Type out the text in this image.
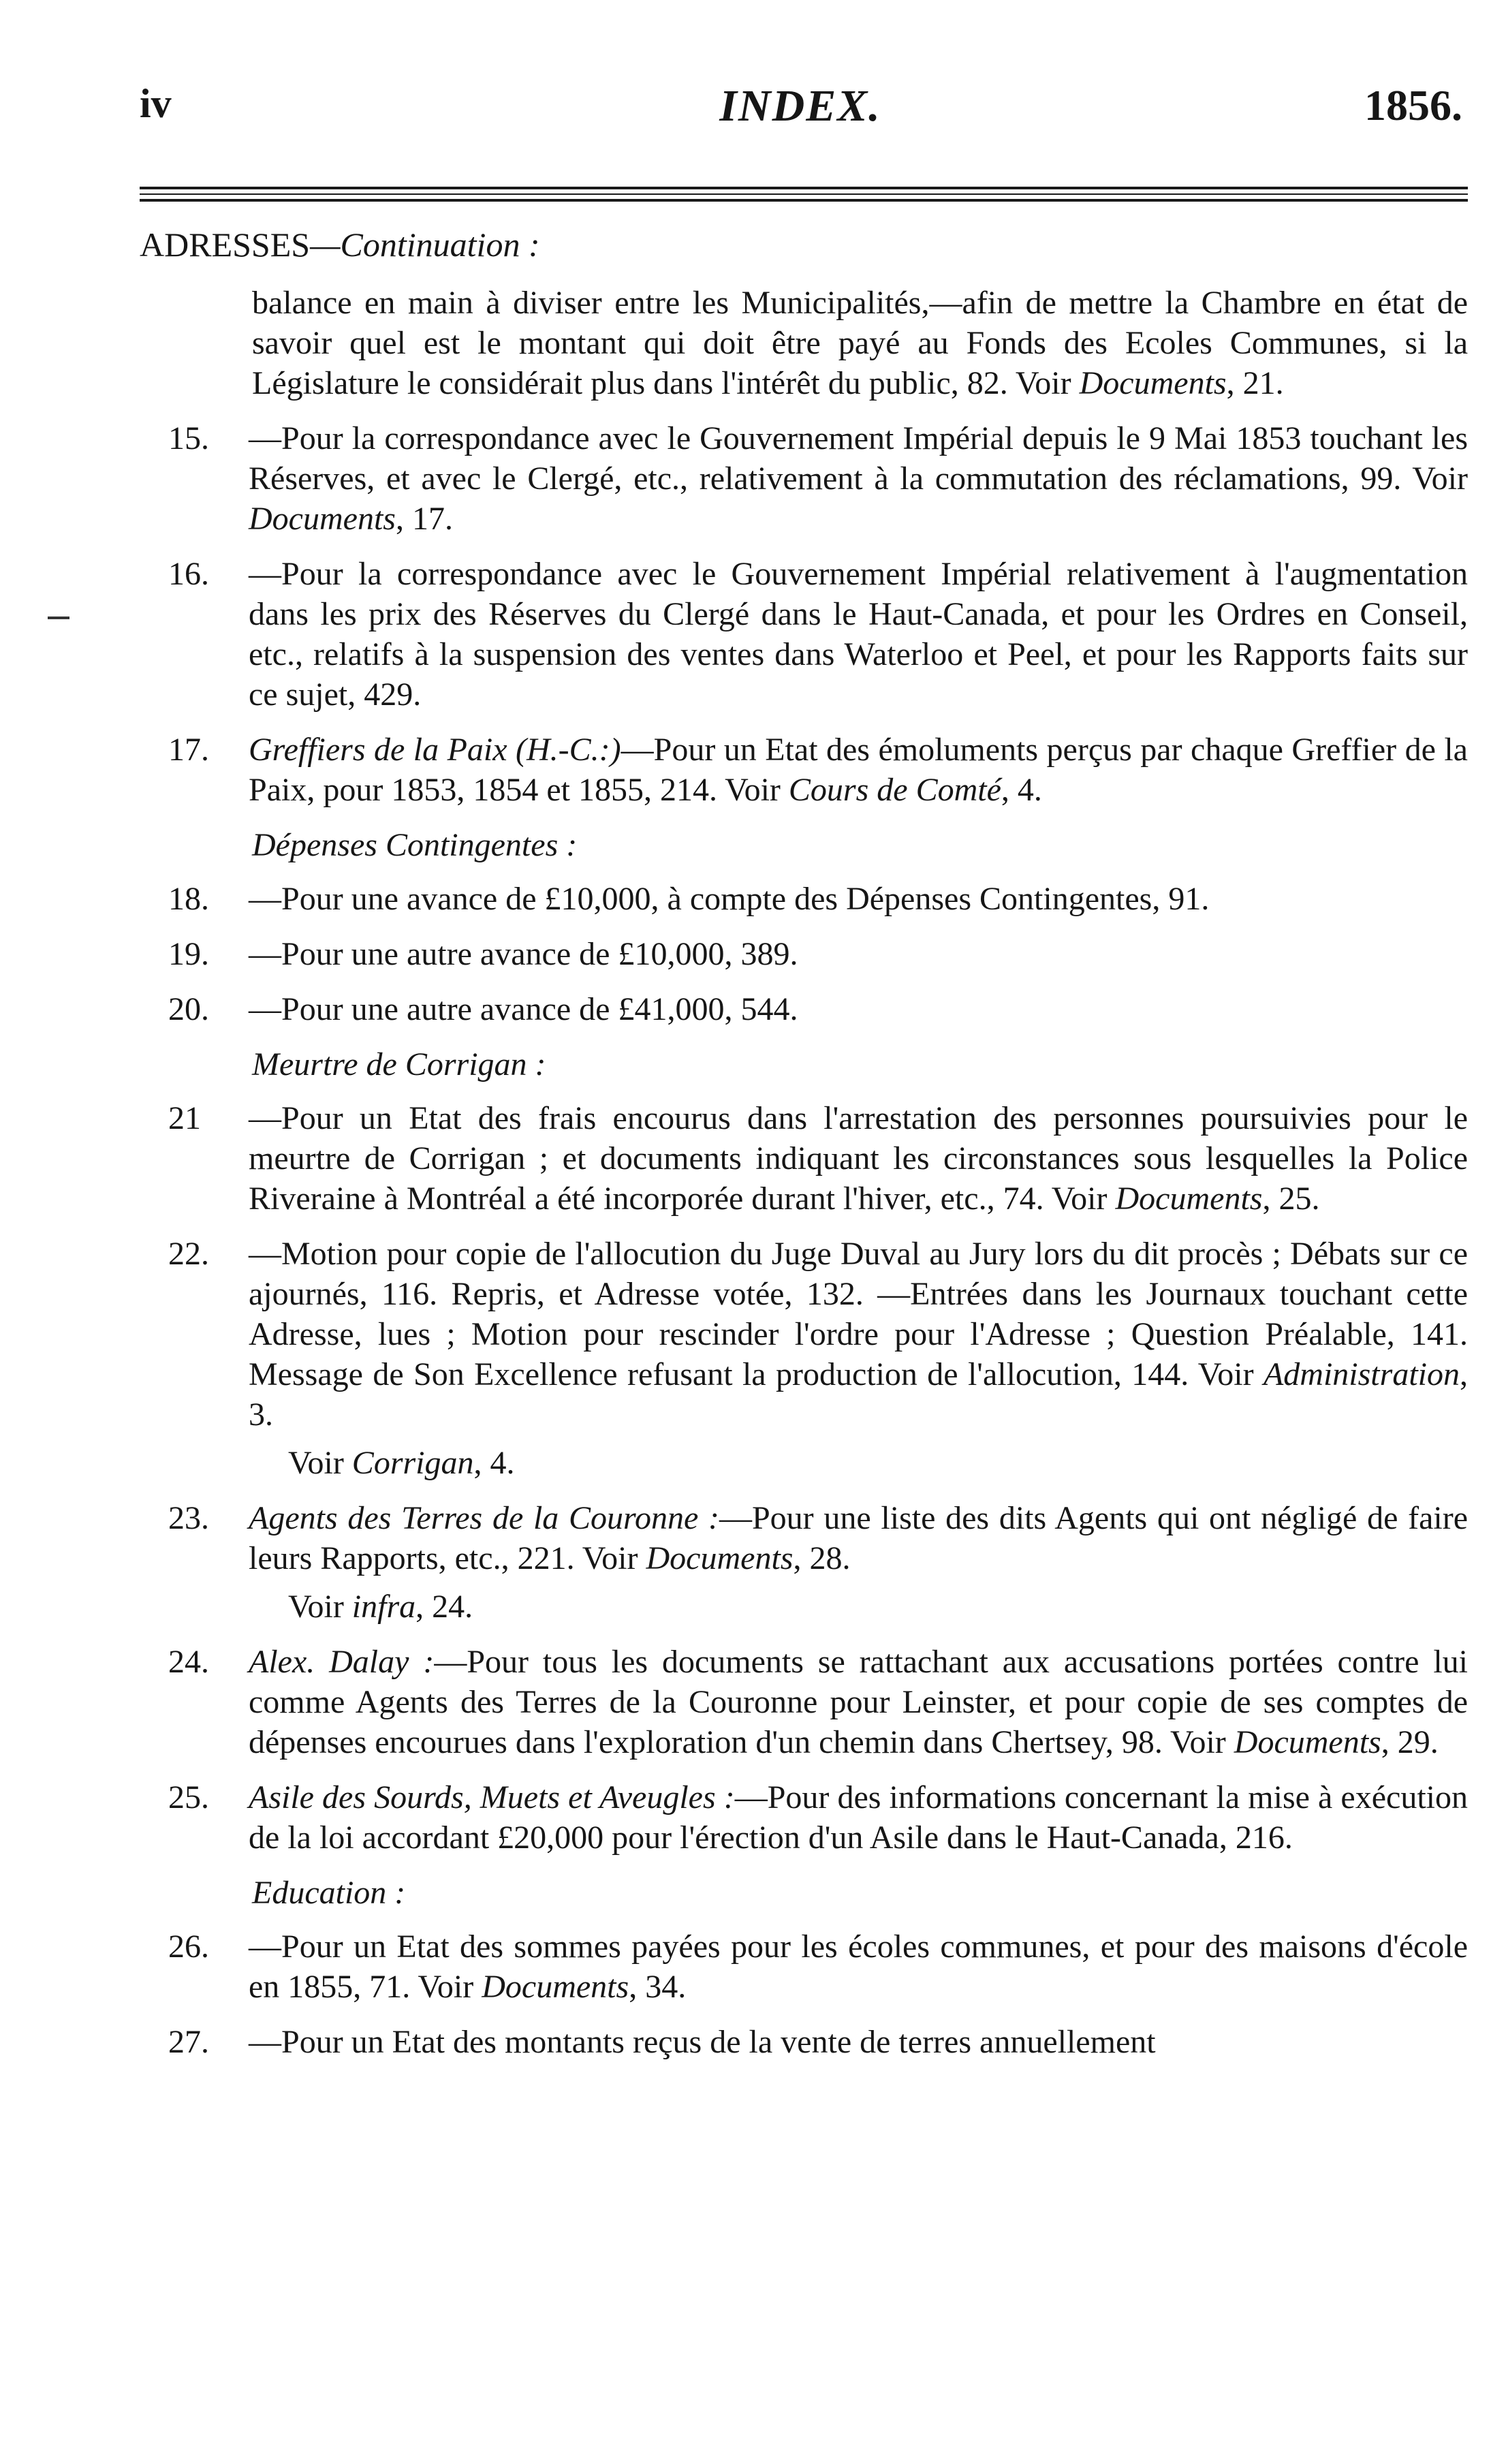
iv	INDEX.	1856.

ADRESSES—Continuation :

balance en main à diviser entre les Municipalités,—afin de mettre la Chambre en état de savoir quel est le montant qui doit être payé au Fonds des Ecoles Communes, si la Législature le considérait plus dans l'intérêt du public, 82. Voir Documents, 21.

15. —Pour la correspondance avec le Gouvernement Impérial depuis le 9 Mai 1853 touchant les Réserves, et avec le Clergé, etc., relativement à la commutation des réclamations, 99. Voir Documents, 17.

16. —Pour la correspondance avec le Gouvernement Impérial relativement à l'augmentation dans les prix des Réserves du Clergé dans le Haut-Canada, et pour les Ordres en Conseil, etc., relatifs à la suspension des ventes dans Waterloo et Peel, et pour les Rapports faits sur ce sujet, 429.

17. Greffiers de la Paix (H.-C.:)—Pour un Etat des émoluments perçus par chaque Greffier de la Paix, pour 1853, 1854 et 1855, 214. Voir Cours de Comté, 4.

Dépenses Contingentes :

18. —Pour une avance de £10,000, à compte des Dépenses Contingentes, 91.

19. —Pour une autre avance de £10,000, 389.

20. —Pour une autre avance de £41,000, 544.

Meurtre de Corrigan :

21 —Pour un Etat des frais encourus dans l'arrestation des personnes poursuivies pour le meurtre de Corrigan ; et documents indiquant les circonstances sous lesquelles la Police Riveraine à Montréal a été incorporée durant l'hiver, etc., 74. Voir Documents, 25.

22. —Motion pour copie de l'allocution du Juge Duval au Jury lors du dit procès ; Débats sur ce ajournés, 116. Repris, et Adresse votée, 132. —Entrées dans les Journaux touchant cette Adresse, lues ; Motion pour rescinder l'ordre pour l'Adresse ; Question Préalable, 141. Message de Son Excellence refusant la production de l'allocution, 144. Voir Administration, 3.

Voir Corrigan, 4.

23. Agents des Terres de la Couronne :—Pour une liste des dits Agents qui ont négligé de faire leurs Rapports, etc., 221. Voir Documents, 28.

Voir infra, 24.

24. Alex. Dalay :—Pour tous les documents se rattachant aux accusations portées contre lui comme Agents des Terres de la Couronne pour Leinster, et pour copie de ses comptes de dépenses encourues dans l'exploration d'un chemin dans Chertsey, 98. Voir Documents, 29.

25. Asile des Sourds, Muets et Aveugles :—Pour des informations concernant la mise à exécution de la loi accordant £20,000 pour l'érection d'un Asile dans le Haut-Canada, 216.

Education :

26. —Pour un Etat des sommes payées pour les écoles communes, et pour des maisons d'école en 1855, 71. Voir Documents, 34.

27. —Pour un Etat des montants reçus de la vente de terres annuellement
